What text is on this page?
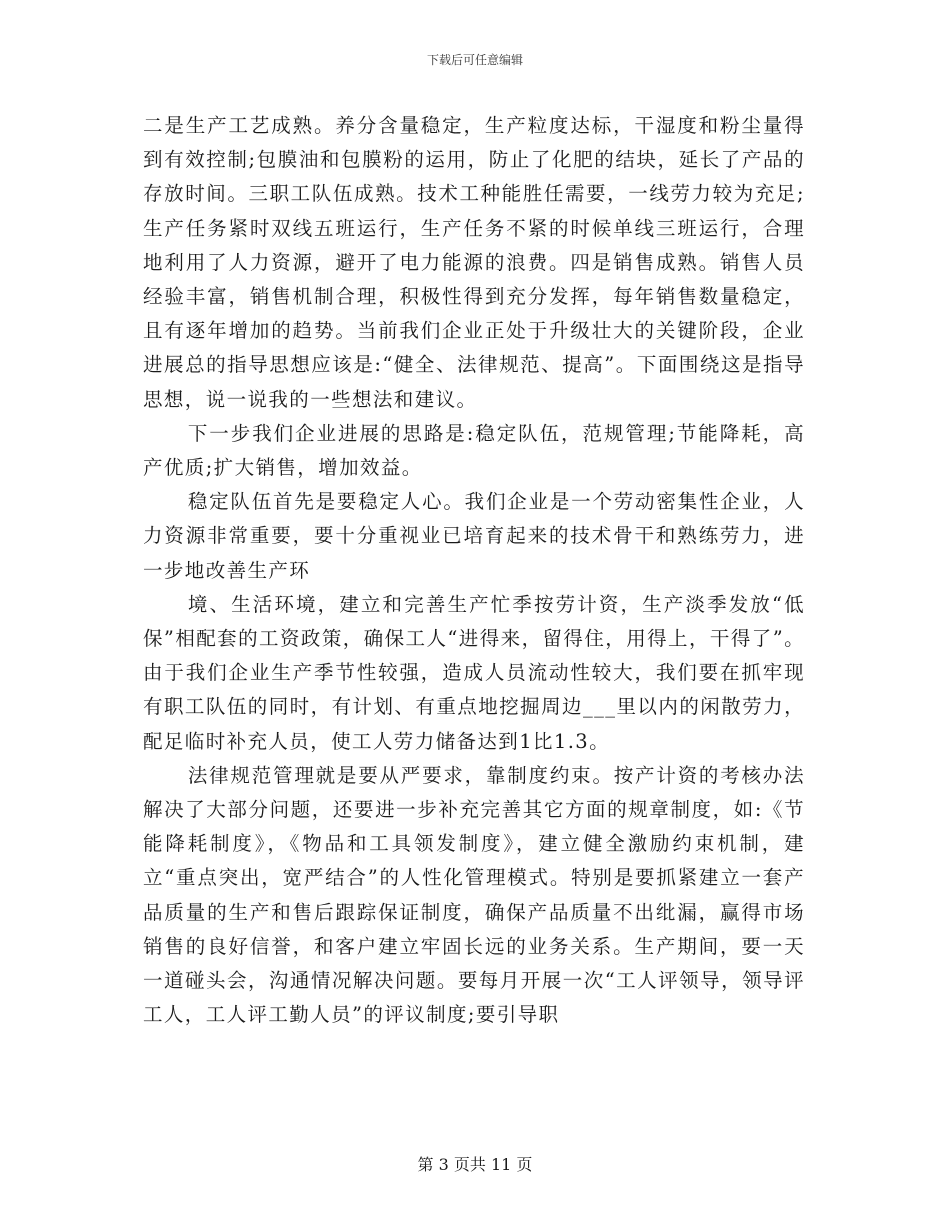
下载后可任意编辑

二是生产工艺成熟。养分含量稳定，生产粒度达标，干湿度和粉尘量得到有效控制;包膜油和包膜粉的运用，防止了化肥的结块，延长了产品的存放时间。三职工队伍成熟。技术工种能胜任需要，一线劳力较为充足;生产任务紧时双线五班运行，生产任务不紧的时候单线三班运行，合理地利用了人力资源，避开了电力能源的浪费。四是销售成熟。销售人员经验丰富，销售机制合理，积极性得到充分发挥，每年销售数量稳定，且有逐年增加的趋势。当前我们企业正处于升级壮大的关键阶段，企业进展总的指导思想应该是:“健全、法律规范、提高”。下面围绕这是指导思想，说一说我的一些想法和建议。

下一步我们企业进展的思路是:稳定队伍，范规管理;节能降耗，高产优质;扩大销售，增加效益。

稳定队伍首先是要稳定人心。我们企业是一个劳动密集性企业，人力资源非常重要，要十分重视业已培育起来的技术骨干和熟练劳力，进一步地改善生产环

境、生活环境，建立和完善生产忙季按劳计资，生产淡季发放“低保”相配套的工资政策，确保工人“进得来，留得住，用得上，干得了”。由于我们企业生产季节性较强，造成人员流动性较大，我们要在抓牢现有职工队伍的同时，有计划、有重点地挖掘周边___里以内的闲散劳力，配足临时补充人员，使工人劳力储备达到1比1.3。

法律规范管理就是要从严要求，靠制度约束。按产计资的考核办法解决了大部分问题，还要进一步补充完善其它方面的规章制度，如:《节能降耗制度》，《物品和工具领发制度》，建立健全激励约束机制，建立“重点突出，宽严结合”的人性化管理模式。特别是要抓紧建立一套产品质量的生产和售后跟踪保证制度，确保产品质量不出纰漏，赢得市场销售的良好信誉，和客户建立牢固长远的业务关系。生产期间，要一天一道碰头会，沟通情况解决问题。要每月开展一次“工人评领导，领导评工人，工人评工勤人员”的评议制度;要引导职

第 3 页共 11 页
